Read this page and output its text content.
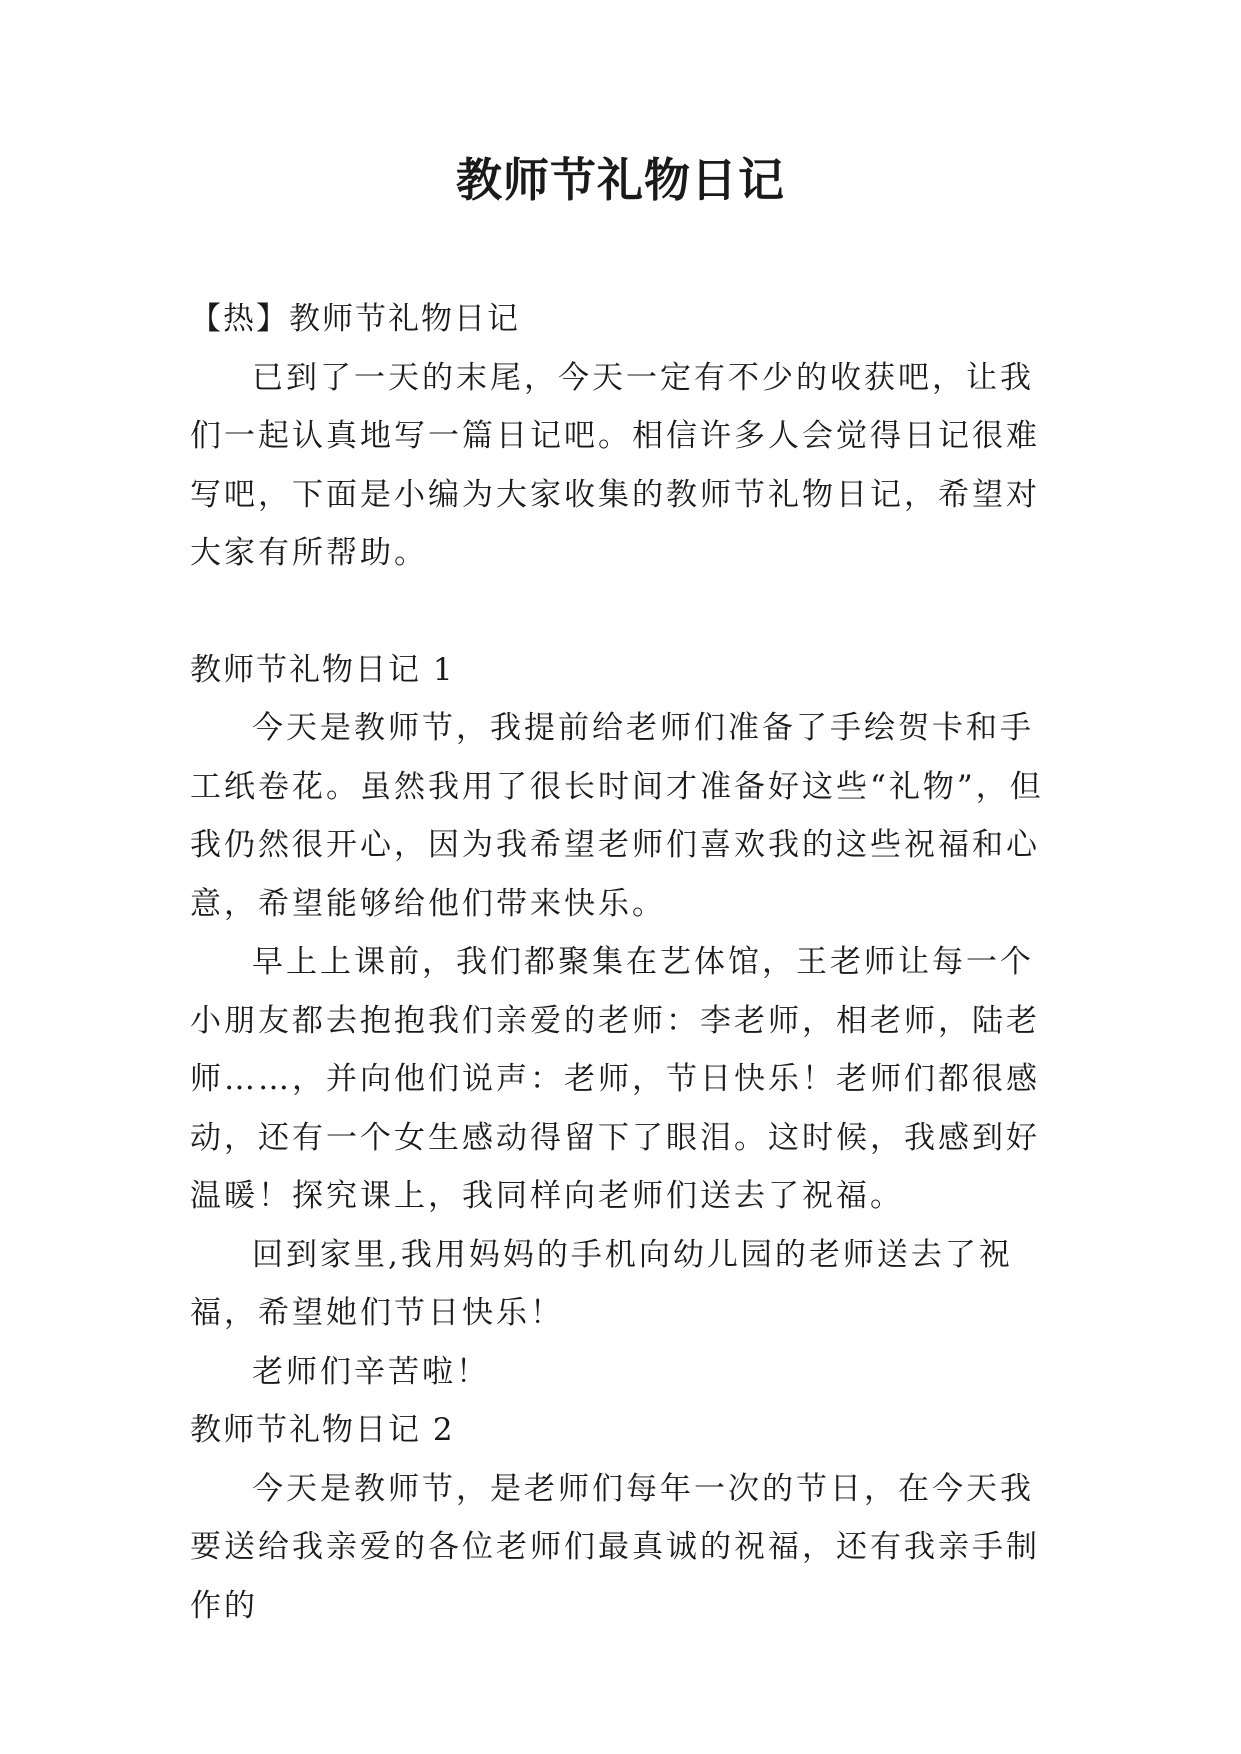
教师节礼物日记

【热】教师节礼物日记

已到了一天的末尾，今天一定有不少的收获吧，让我们一起认真地写一篇日记吧。相信许多人会觉得日记很难写吧，下面是小编为大家收集的教师节礼物日记，希望对大家有所帮助。

教师节礼物日记 1

今天是教师节，我提前给老师们准备了手绘贺卡和手工纸卷花。虽然我用了很长时间才准备好这些“礼物”，但我仍然很开心，因为我希望老师们喜欢我的这些祝福和心意，希望能够给他们带来快乐。

早上上课前，我们都聚集在艺体馆，王老师让每一个小朋友都去抱抱我们亲爱的老师：李老师，相老师，陆老师……，并向他们说声：老师，节日快乐！老师们都很感动，还有一个女生感动得留下了眼泪。这时候，我感到好温暖！探究课上，我同样向老师们送去了祝福。

回到家里,我用妈妈的手机向幼儿园的老师送去了祝福，希望她们节日快乐！

老师们辛苦啦！

教师节礼物日记 2

今天是教师节，是老师们每年一次的节日，在今天我要送给我亲爱的各位老师们最真诚的祝福，还有我亲手制作的
